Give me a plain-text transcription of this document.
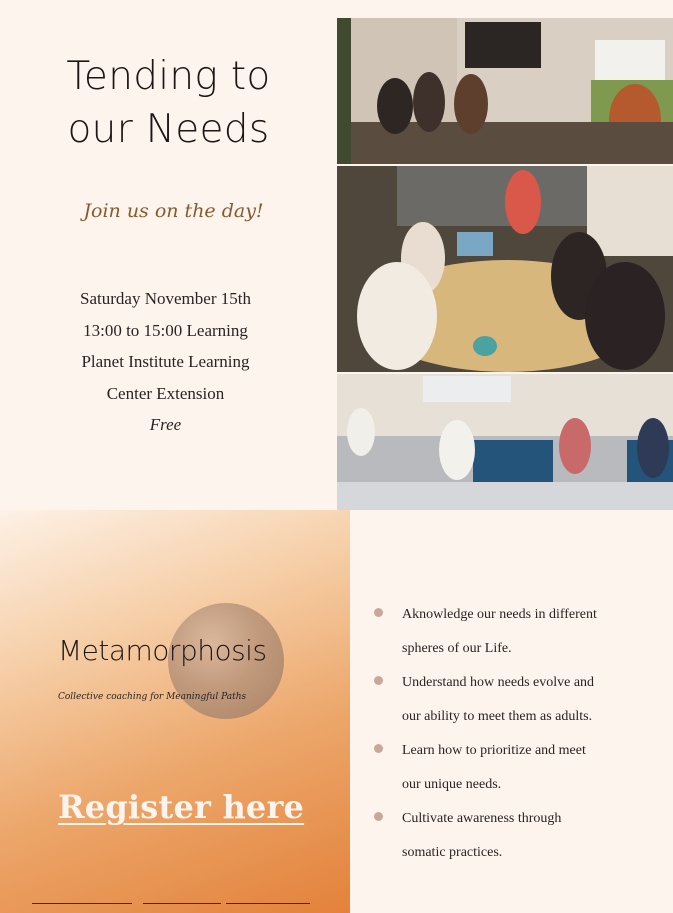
Tending to
our Needs
Join us on the day!
Saturday November 15th
13:00 to 15:00 Learning
Planet Institute Learning
Center Extension
Free
Metamorphosis
Collective coaching for Meaningful Paths
Register here
Aknowledge our needs in different
spheres of our Life.
Understand how needs evolve and
our ability to meet them as adults.
Learn how to prioritize and meet
our unique needs.
Cultivate awareness through
somatic practices.
